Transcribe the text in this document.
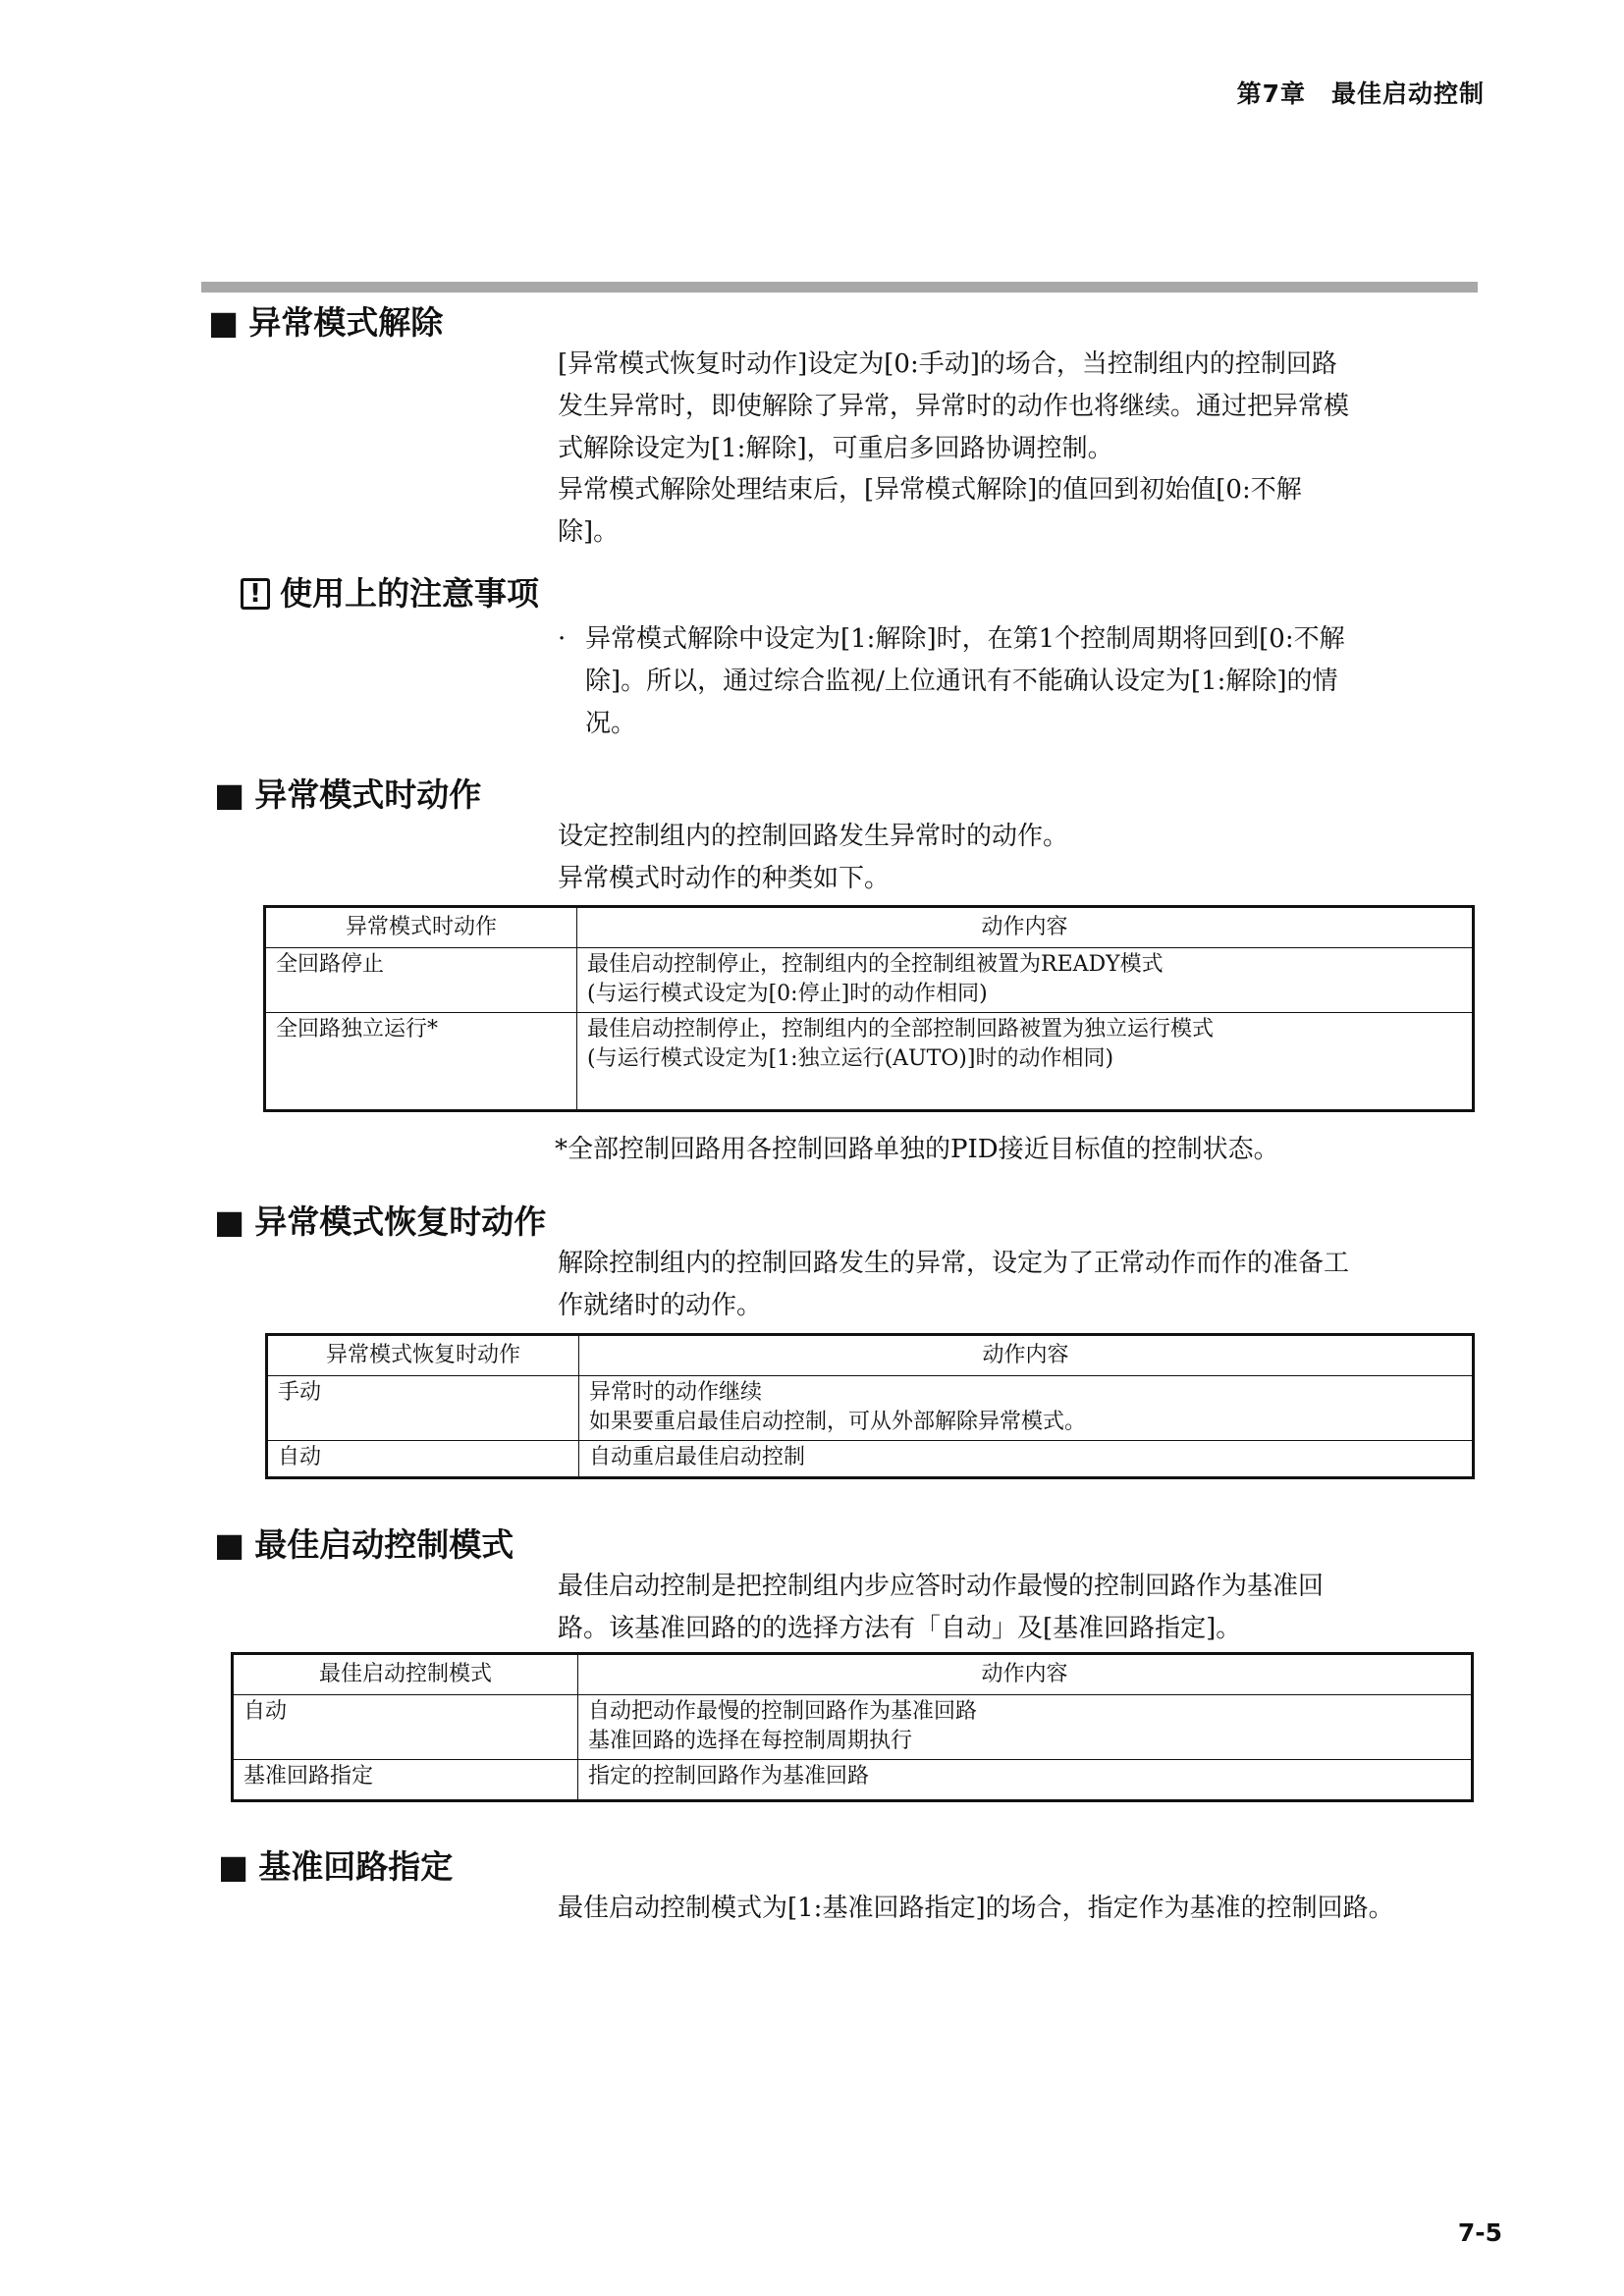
第7章 最佳启动控制
■ 异常模式解除
[异常模式恢复时动作]设定为[0:手动]的场合，当控制组内的控制回路
发生异常时，即使解除了异常，异常时的动作也将继续。通过把异常模
式解除设定为[1:解除]，可重启多回路协调控制。
异常模式解除处理结束后，[异常模式解除]的值回到初始值[0:不解
除]。
! 使用上的注意事项
· 异常模式解除中设定为[1:解除]时，在第1个控制周期将回到[0:不解
除]。所以，通过综合监视/上位通讯有不能确认设定为[1:解除]的情
况。
■ 异常模式时动作
设定控制组内的控制回路发生异常时的动作。
异常模式时动作的种类如下。
异常模式时动作	动作内容
全回路停止	最佳启动控制停止，控制组内的全控制组被置为READY模式
(与运行模式设定为[0:停止]时的动作相同)
全回路独立运行*	最佳启动控制停止，控制组内的全部控制回路被置为独立运行模式
(与运行模式设定为[1:独立运行(AUTO)]时的动作相同)
*全部控制回路用各控制回路单独的PID接近目标值的控制状态。
■ 异常模式恢复时动作
解除控制组内的控制回路发生的异常，设定为了正常动作而作的准备工
作就绪时的动作。
异常模式恢复时动作	动作内容
手动	异常时的动作继续
如果要重启最佳启动控制，可从外部解除异常模式。
自动	自动重启最佳启动控制
■ 最佳启动控制模式
最佳启动控制是把控制组内步应答时动作最慢的控制回路作为基准回
路。该基准回路的的选择方法有「自动」及[基准回路指定]。
最佳启动控制模式	动作内容
自动	自动把动作最慢的控制回路作为基准回路
基准回路的选择在每控制周期执行
基准回路指定	指定的控制回路作为基准回路
■ 基准回路指定
最佳启动控制模式为[1:基准回路指定]的场合，指定作为基准的控制回路。
7-5
